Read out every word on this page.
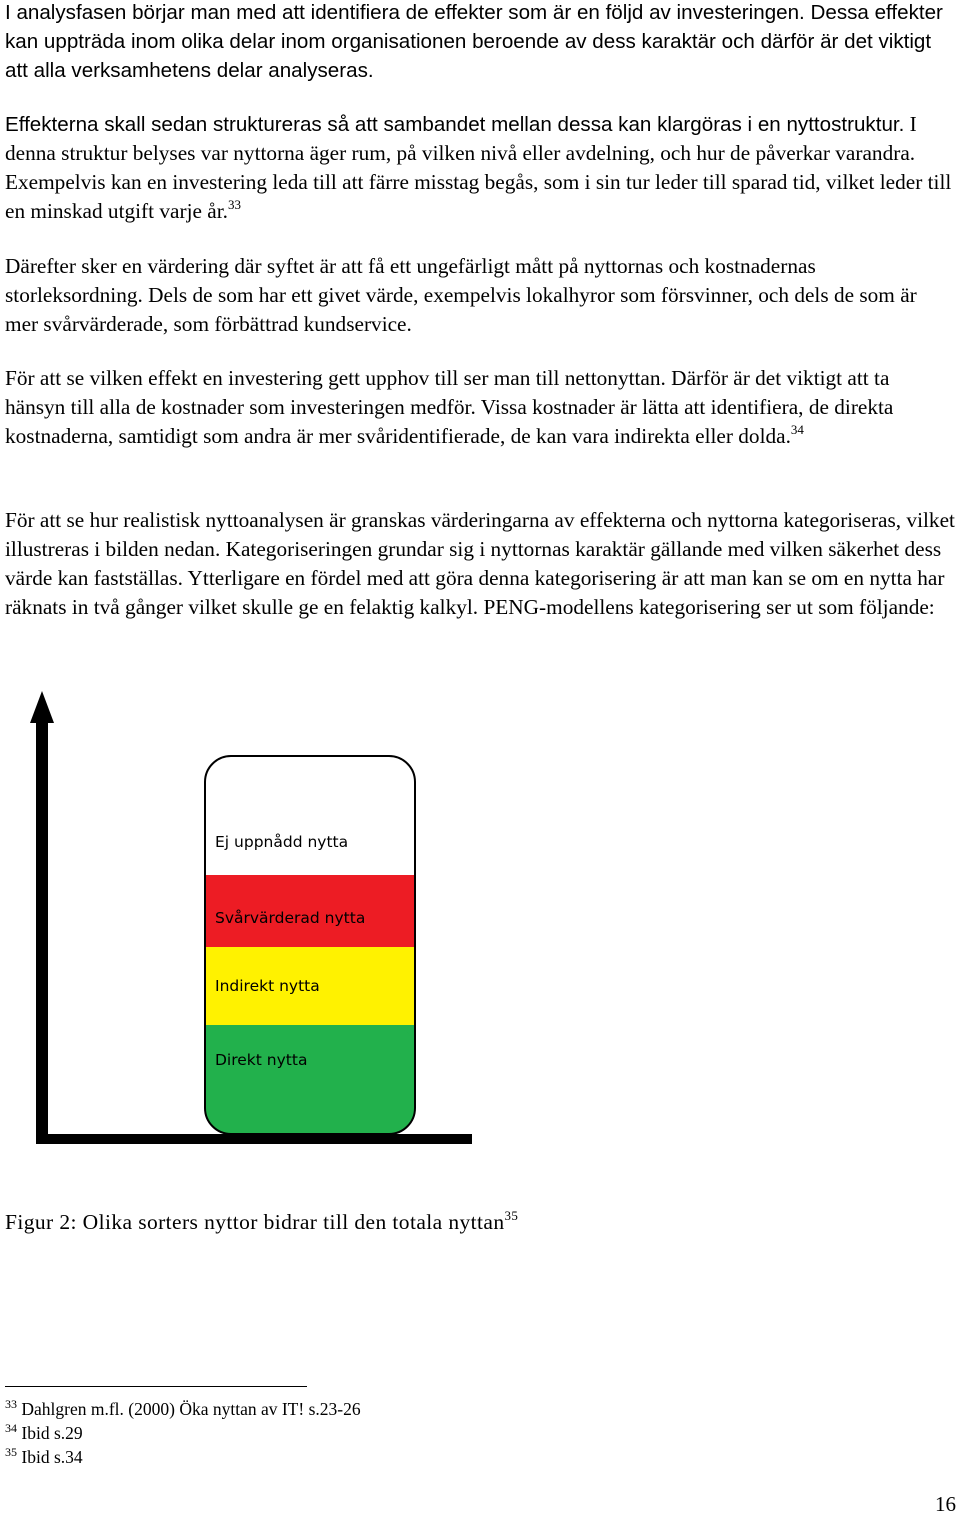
I analysfasen börjar man med att identifiera de effekter som är en följd av investeringen. Dessa effekter kan uppträda inom olika delar inom organisationen beroende av dess karaktär och därför är det viktigt att alla verksamhetens delar analyseras.

Effekterna skall sedan struktureras så att sambandet mellan dessa kan klargöras i en nyttostruktur. I denna struktur belyses var nyttorna äger rum, på vilken nivå eller avdelning, och hur de påverkar varandra. Exempelvis kan en investering leda till att färre misstag begås, som i sin tur leder till sparad tid, vilket leder till en minskad utgift varje år.$^{33}$

Därefter sker en värdering där syftet är att få ett ungefärligt mått på nyttornas och kostnadernas storleksordning. Dels de som har ett givet värde, exempelvis lokalhyror som försvinner, och dels de som är mer svårvärderade, som förbättrad kundservice.

För att se vilken effekt en investering gett upphov till ser man till nettonyttan. Därför är det viktigt att ta hänsyn till alla de kostnader som investeringen medför. Vissa kostnader är lätta att identifiera, de direkta kostnaderna, samtidigt som andra är mer svåridentifierade, de kan vara indirekta eller dolda.$^{34}$

För att se hur realistisk nyttoanalysen är granskas värderingarna av effekterna och nyttorna kategoriseras, vilket illustreras i bilden nedan. Kategoriseringen grundar sig i nyttornas karaktär gällande med vilken säkerhet dess värde kan fastställas. Ytterligare en fördel med att göra denna kategorisering är att man kan se om en nytta har räknats in två gånger vilket skulle ge en felaktig kalkyl. PENG-modellens kategorisering ser ut som följande:

Ej uppnådd nytta
Svårvärderad nytta
Indirekt nytta
Direkt nytta
Figur 2: Olika sorters nyttor bidrar till den totala nyttan$^{35}$
$^{33}$ Dahlgren m.fl. (2000) Öka nyttan av IT! s.23-26
$^{34}$ Ibid s.29
$^{35}$ Ibid s.34
16
